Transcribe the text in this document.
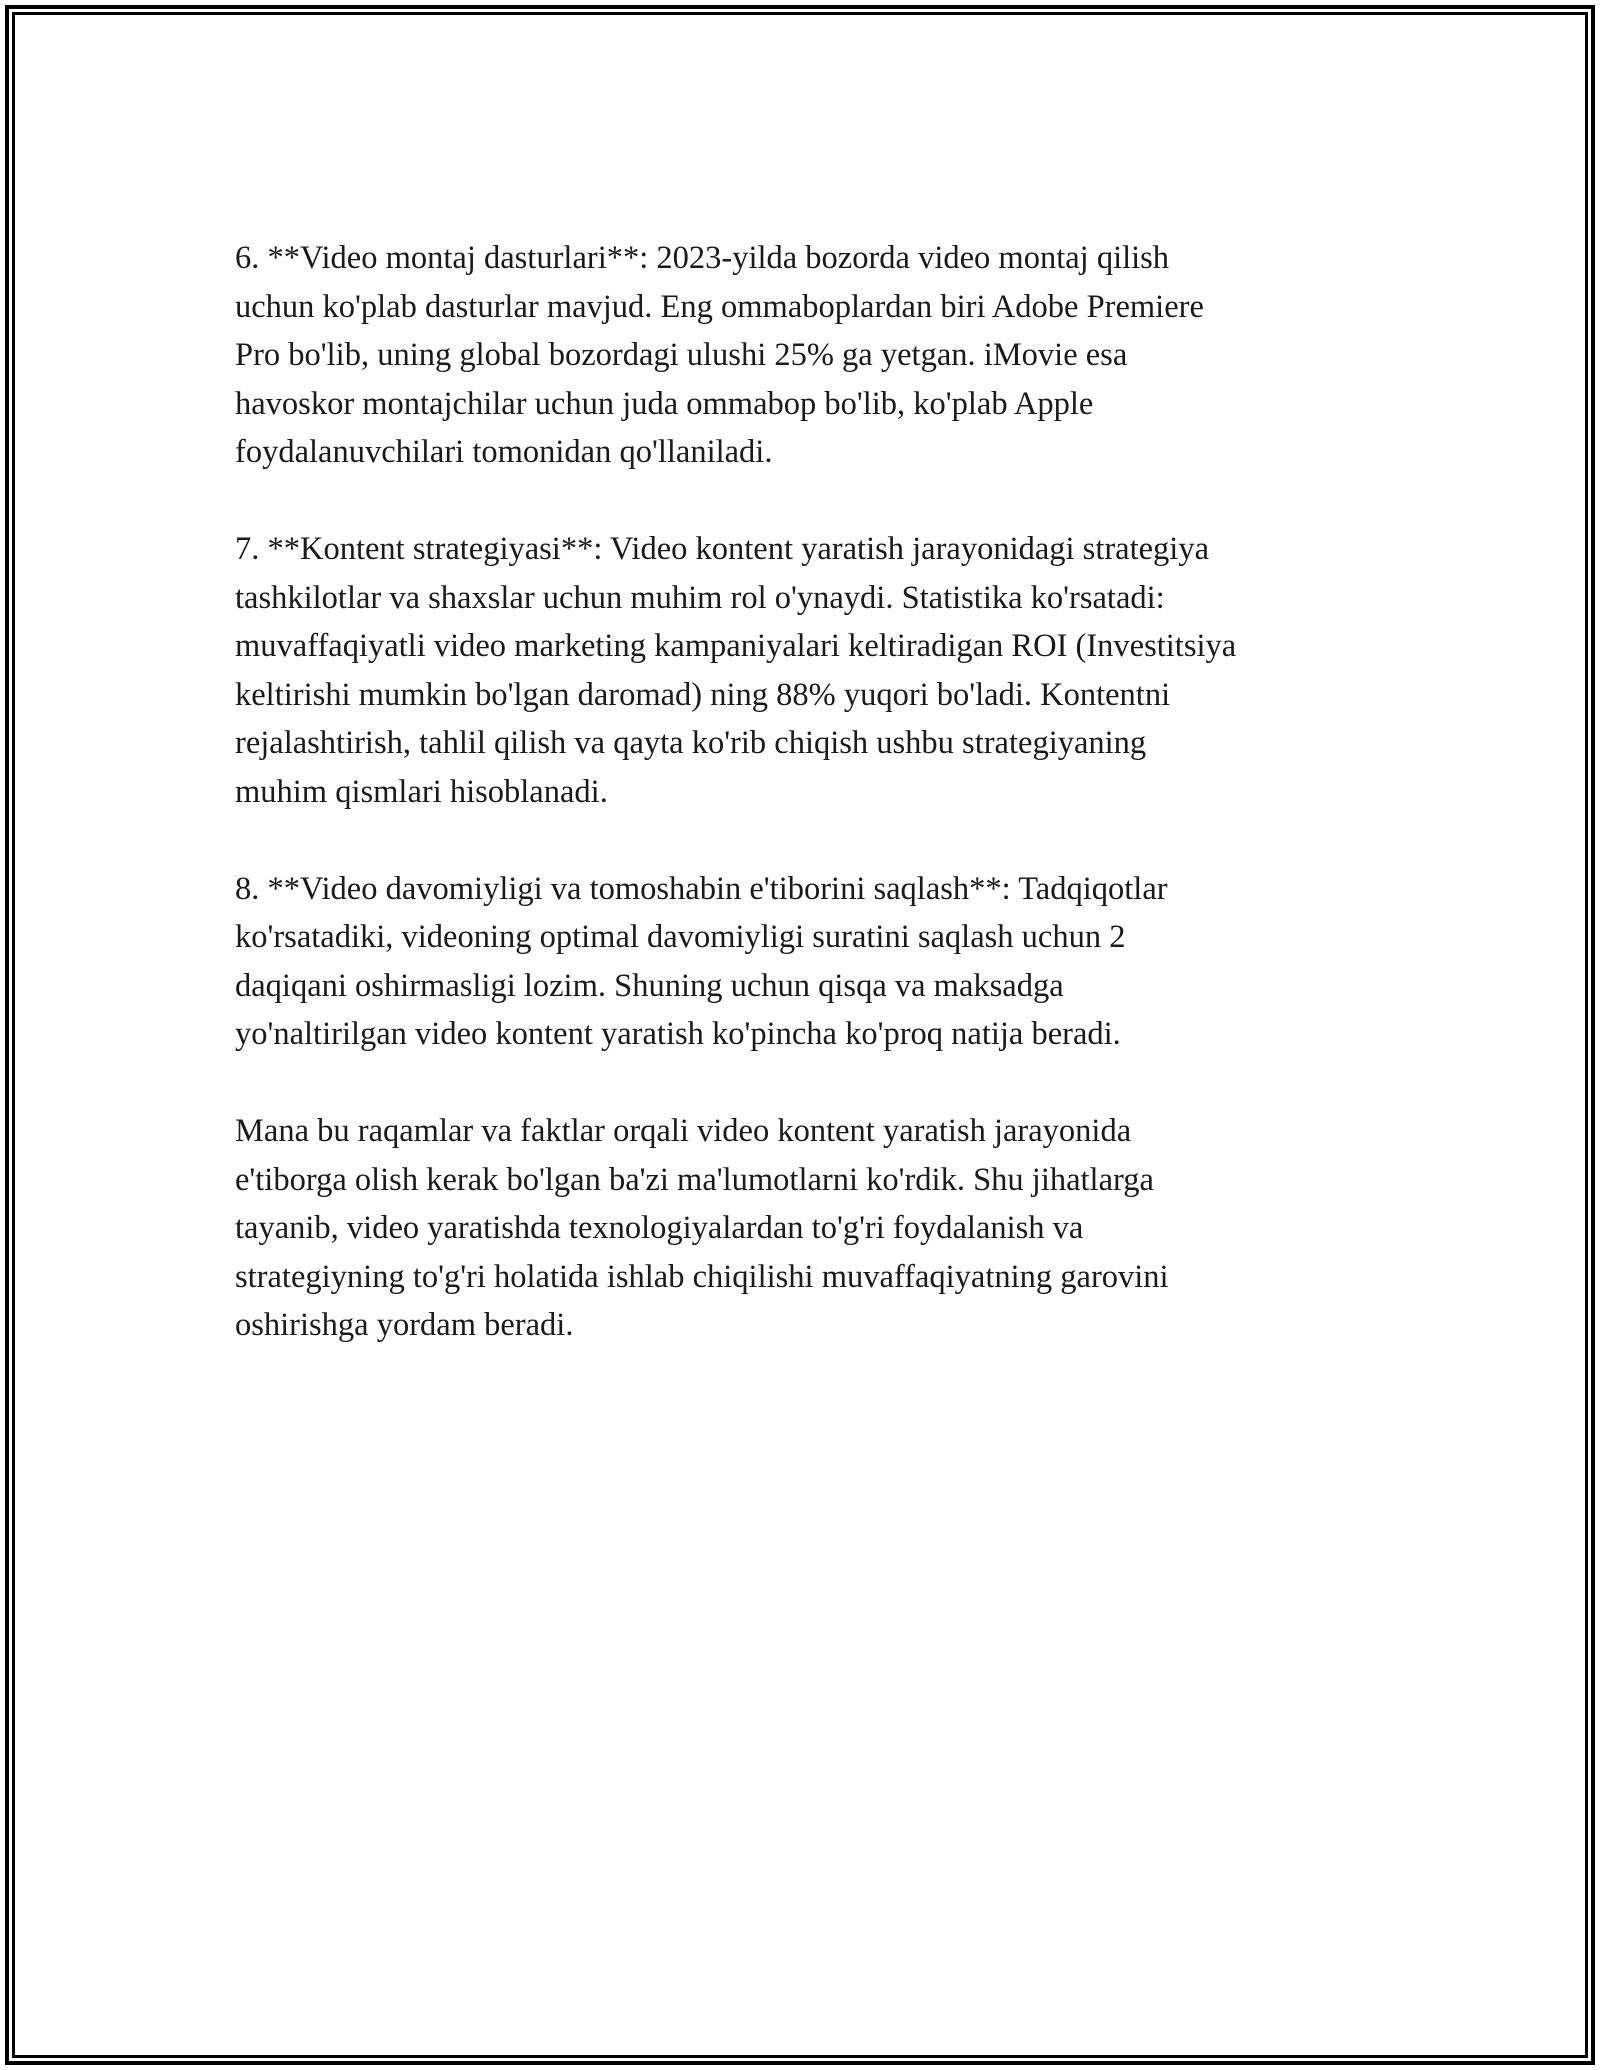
6. **Video montaj dasturlari**: 2023-yilda bozorda video montaj qilish
uchun ko'plab dasturlar mavjud. Eng ommaboplardan biri Adobe Premiere
Pro bo'lib, uning global bozordagi ulushi 25% ga yetgan. iMovie esa
havoskor montajchilar uchun juda ommabop bo'lib, ko'plab Apple
foydalanuvchilari tomonidan qo'llaniladi.

7. **Kontent strategiyasi**: Video kontent yaratish jarayonidagi strategiya
tashkilotlar va shaxslar uchun muhim rol o'ynaydi. Statistika ko'rsatadi:
muvaffaqiyatli video marketing kampaniyalari keltiradigan ROI (Investitsiya
keltirishi mumkin bo'lgan daromad) ning 88% yuqori bo'ladi. Kontentni
rejalashtirish, tahlil qilish va qayta ko'rib chiqish ushbu strategiyaning
muhim qismlari hisoblanadi.

8. **Video davomiyligi va tomoshabin e'tiborini saqlash**: Tadqiqotlar
ko'rsatadiki, videoning optimal davomiyligi suratini saqlash uchun 2
daqiqani oshirmasligi lozim. Shuning uchun qisqa va maksadga
yo'naltirilgan video kontent yaratish ko'pincha ko'proq natija beradi.

Mana bu raqamlar va faktlar orqali video kontent yaratish jarayonida
e'tiborga olish kerak bo'lgan ba'zi ma'lumotlarni ko'rdik. Shu jihatlarga
tayanib, video yaratishda texnologiyalardan to'g'ri foydalanish va
strategiyning to'g'ri holatida ishlab chiqilishi muvaffaqiyatning garovini
oshirishga yordam beradi.
